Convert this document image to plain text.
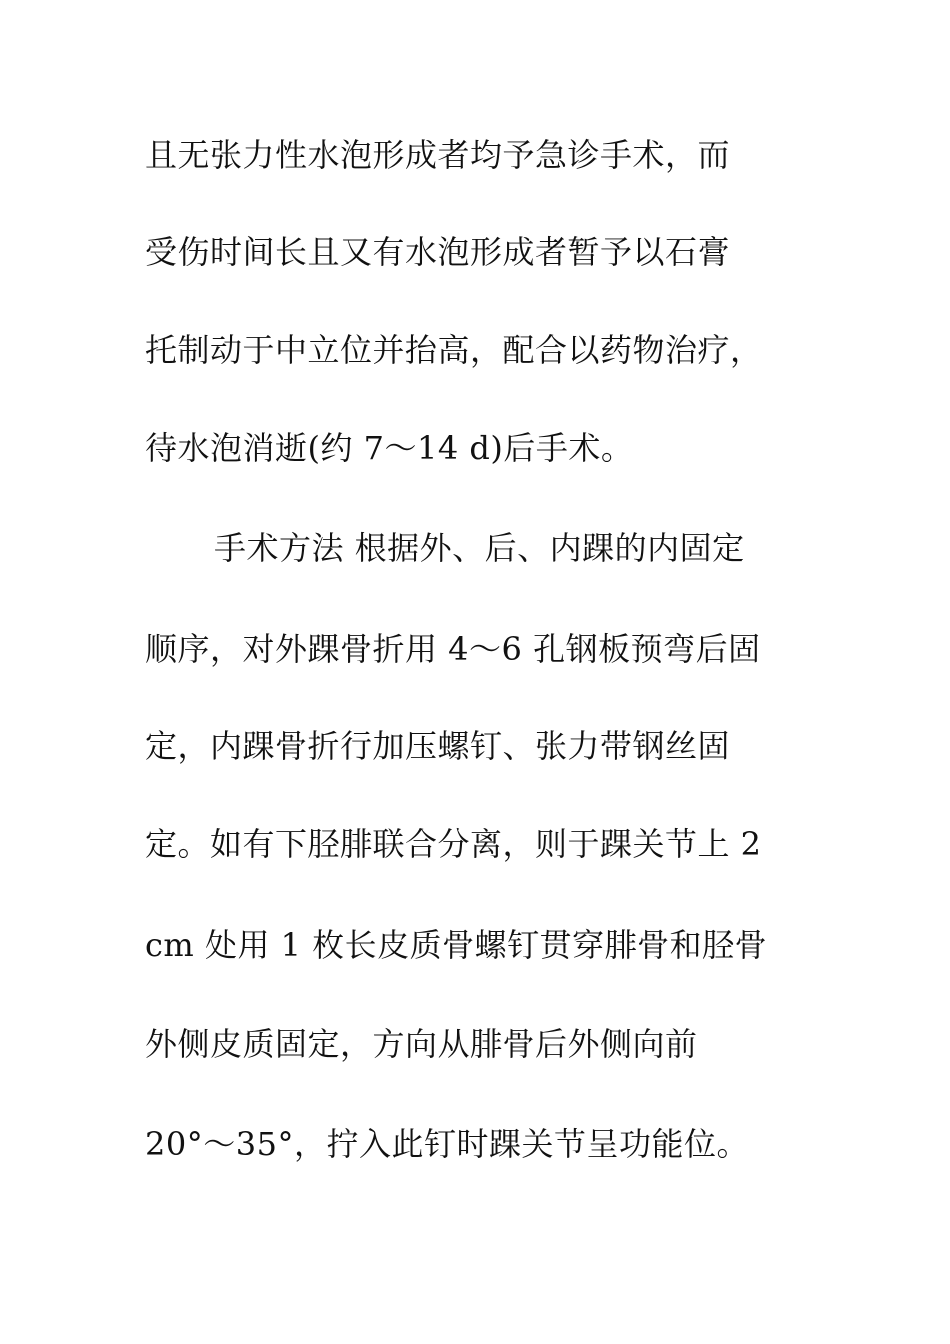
且无张力性水泡形成者均予急诊手术，而
受伤时间长且又有水泡形成者暂予以石膏
托制动于中立位并抬高，配合以药物治疗，
待水泡消逝(约 7～14 d)后手术。
手术方法 根据外、后、内踝的内固定
顺序，对外踝骨折用 4～6 孔钢板预弯后固
定，内踝骨折行加压螺钉、张力带钢丝固
定。如有下胫腓联合分离，则于踝关节上 2
cm 处用 1 枚长皮质骨螺钉贯穿腓骨和胫骨
外侧皮质固定，方向从腓骨后外侧向前
20°～35°，拧入此钉时踝关节呈功能位。
